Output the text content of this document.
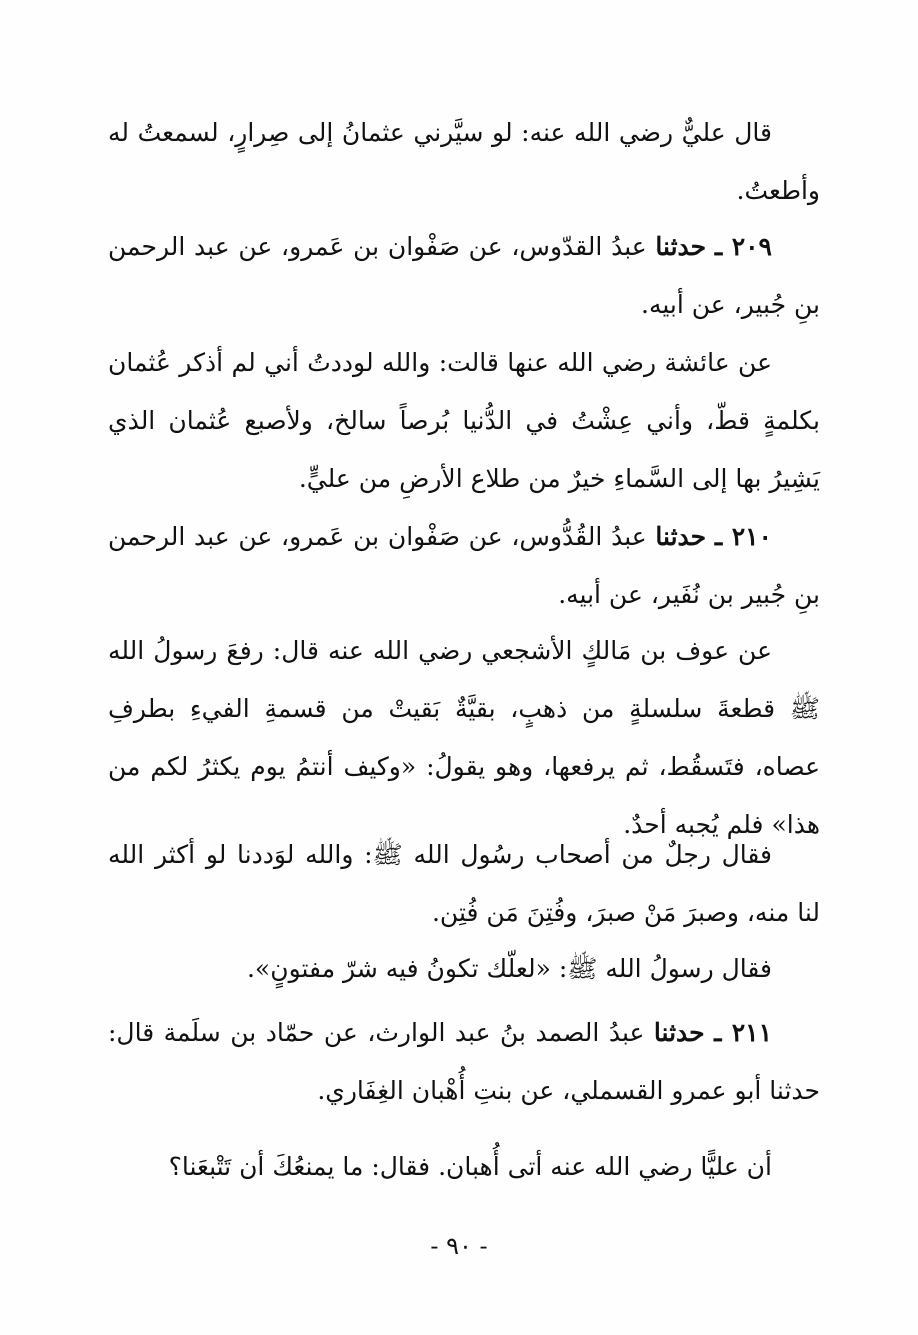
قال عليٌّ رضي الله عنه: لو سيَّرني عثمانُ إلى صِرارٍ، لسمعتُ له وأطعتُ.

٢٠٩ ـ حدثنا عبدُ القدّوس، عن صَفْوان بن عَمرو، عن عبد الرحمن بنِ جُبير، عن أبيه.

عن عائشة رضي الله عنها قالت: والله لوددتُ أني لم أذكر عُثمان بكلمةٍ قطّ، وأني عِشْتُ في الدُّنيا بُرصاً سالخ، ولأصبع عُثمان الذي يَشِيرُ بها إلى السَّماءِ خيرٌ من طلاع الأرضِ من عليٍّ.

٢١٠ ـ حدثنا عبدُ القُدُّوس، عن صَفْوان بن عَمرو، عن عبد الرحمن بنِ جُبير بن نُفَير، عن أبيه.

عن عوف بن مَالكٍ الأشجعي رضي الله عنه قال: رفعَ رسولُ الله ﷺ قطعةَ سلسلةٍ من ذهبٍ، بقيَّةٌ بَقيتْ من قسمةِ الفيءِ بطرفِ عصاه، فتَسقُط، ثم يرفعها، وهو يقولُ: «وكيف أنتمُ يوم يكثرُ لكم من هذا» فلم يُجبه أحدٌ.

فقال رجلٌ من أصحاب رسُول الله ﷺ: والله لوَددنا لو أكثر الله لنا منه، وصبرَ مَنْ صبرَ، وفُتِنَ مَن فُتِن.

فقال رسولُ الله ﷺ: «لعلّك تكونُ فيه شرّ مفتونٍ».

٢١١ ـ حدثنا عبدُ الصمد بنُ عبد الوارث، عن حمّاد بن سلَمة قال: حدثنا أبو عمرو القسملي، عن بنتِ أُهْبان الغِفَاري.

أن عليًّا رضي الله عنه أتى أُهبان. فقال: ما يمنعُكَ أن تَتْبعَنا؟

- ٩٠ -
